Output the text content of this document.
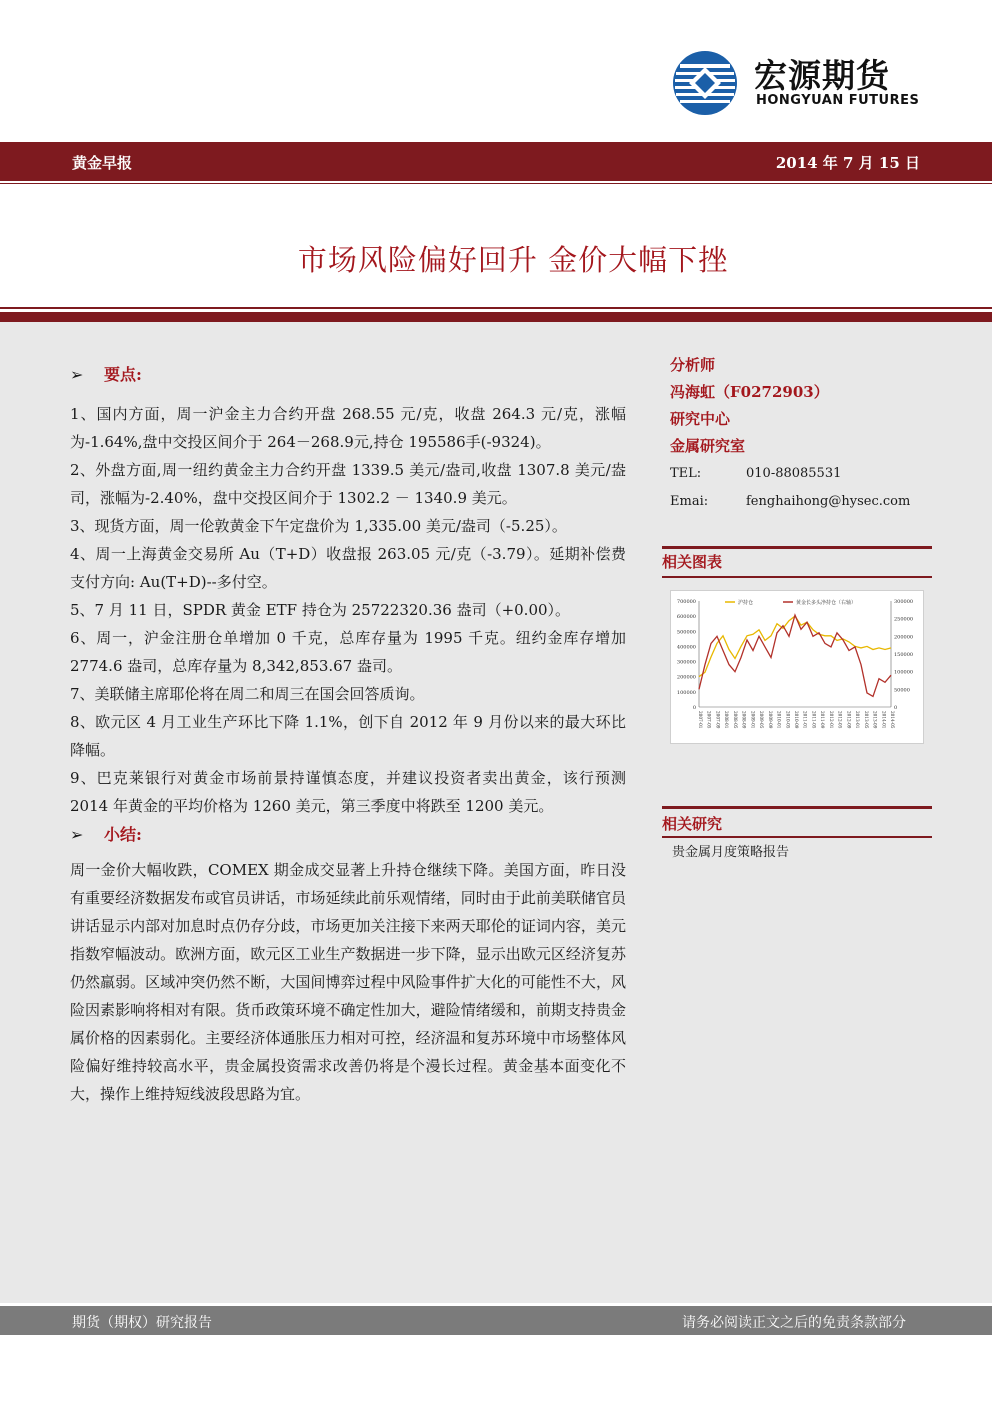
宏源期货
HONGYUAN FUTURES
黄金早报	2014 年 7 月 15 日
市场风险偏好回升 金价大幅下挫
➢ 要点:

1、国内方面，周一沪金主力合约开盘 268.55 元/克，收盘 264.3 元/克，涨幅为-1.64%,盘中交投区间介于 264－268.9元,持仓 195586手(-9324)。

2、外盘方面,周一纽约黄金主力合约开盘 1339.5 美元/盎司,收盘 1307.8 美元/盎司，涨幅为-2.40%，盘中交投区间介于 1302.2 － 1340.9 美元。

3、现货方面，周一伦敦黄金下午定盘价为 1,335.00 美元/盎司（-5.25）。

4、周一上海黄金交易所 Au（T+D）收盘报 263.05 元/克（-3.79）。延期补偿费支付方向: Au(T+D)--多付空。

5、7 月 11 日，SPDR 黄金 ETF 持仓为 25722320.36 盎司（+0.00）。

6、周一，沪金注册仓单增加 0 千克，总库存量为 1995 千克。纽约金库存增加 2774.6 盎司，总库存量为 8,342,853.67 盎司。

7、美联储主席耶伦将在周二和周三在国会回答质询。

8、欧元区 4 月工业生产环比下降 1.1%，创下自 2012 年 9 月份以来的最大环比降幅。

9、巴克莱银行对黄金市场前景持谨慎态度，并建议投资者卖出黄金，该行预测 2014 年黄金的平均价格为 1260 美元，第三季度中将跌至 1200 美元。

➢ 小结:

周一金价大幅收跌，COMEX 期金成交显著上升持仓继续下降。美国方面，昨日没有重要经济数据发布或官员讲话，市场延续此前乐观情绪，同时由于此前美联储官员讲话显示内部对加息时点仍存分歧，市场更加关注接下来两天耶伦的证词内容，美元指数窄幅波动。欧洲方面，欧元区工业生产数据进一步下降，显示出欧元区经济复苏仍然羸弱。区域冲突仍然不断，大国间博弈过程中风险事件扩大化的可能性不大，风险因素影响将相对有限。货币政策环境不确定性加大，避险情绪缓和，前期支持贵金属价格的因素弱化。主要经济体通胀压力相对可控，经济温和复苏环境中市场整体风险偏好维持较高水平，贵金属投资需求改善仍将是个漫长过程。黄金基本面变化不大，操作上维持短线波段思路为宜。

分析师
冯海虹（F0272903）
研究中心
金属研究室
TEL:	010-88085531
Emai:	fenghaihong@hysec.com
相关图表
700000
600000
500000
400000
300000
200000
100000
0
300000
250000
200000
150000
100000
50000
0
2007-01 2007-05 2007-09 2008-01 2008-05 2008-09 2009-01 2009-05 2009-09 2010-01 2010-05 2010-09 2011-01 2011-05 2011-09 2012-01 2012-05 2012-09 2013-01 2013-05 2013-09 2014-01 2014-05
沪持仓	黄金长多头净持仓（右轴）
相关研究
贵金属月度策略报告
期货（期权）研究报告	请务必阅读正文之后的免责条款部分
